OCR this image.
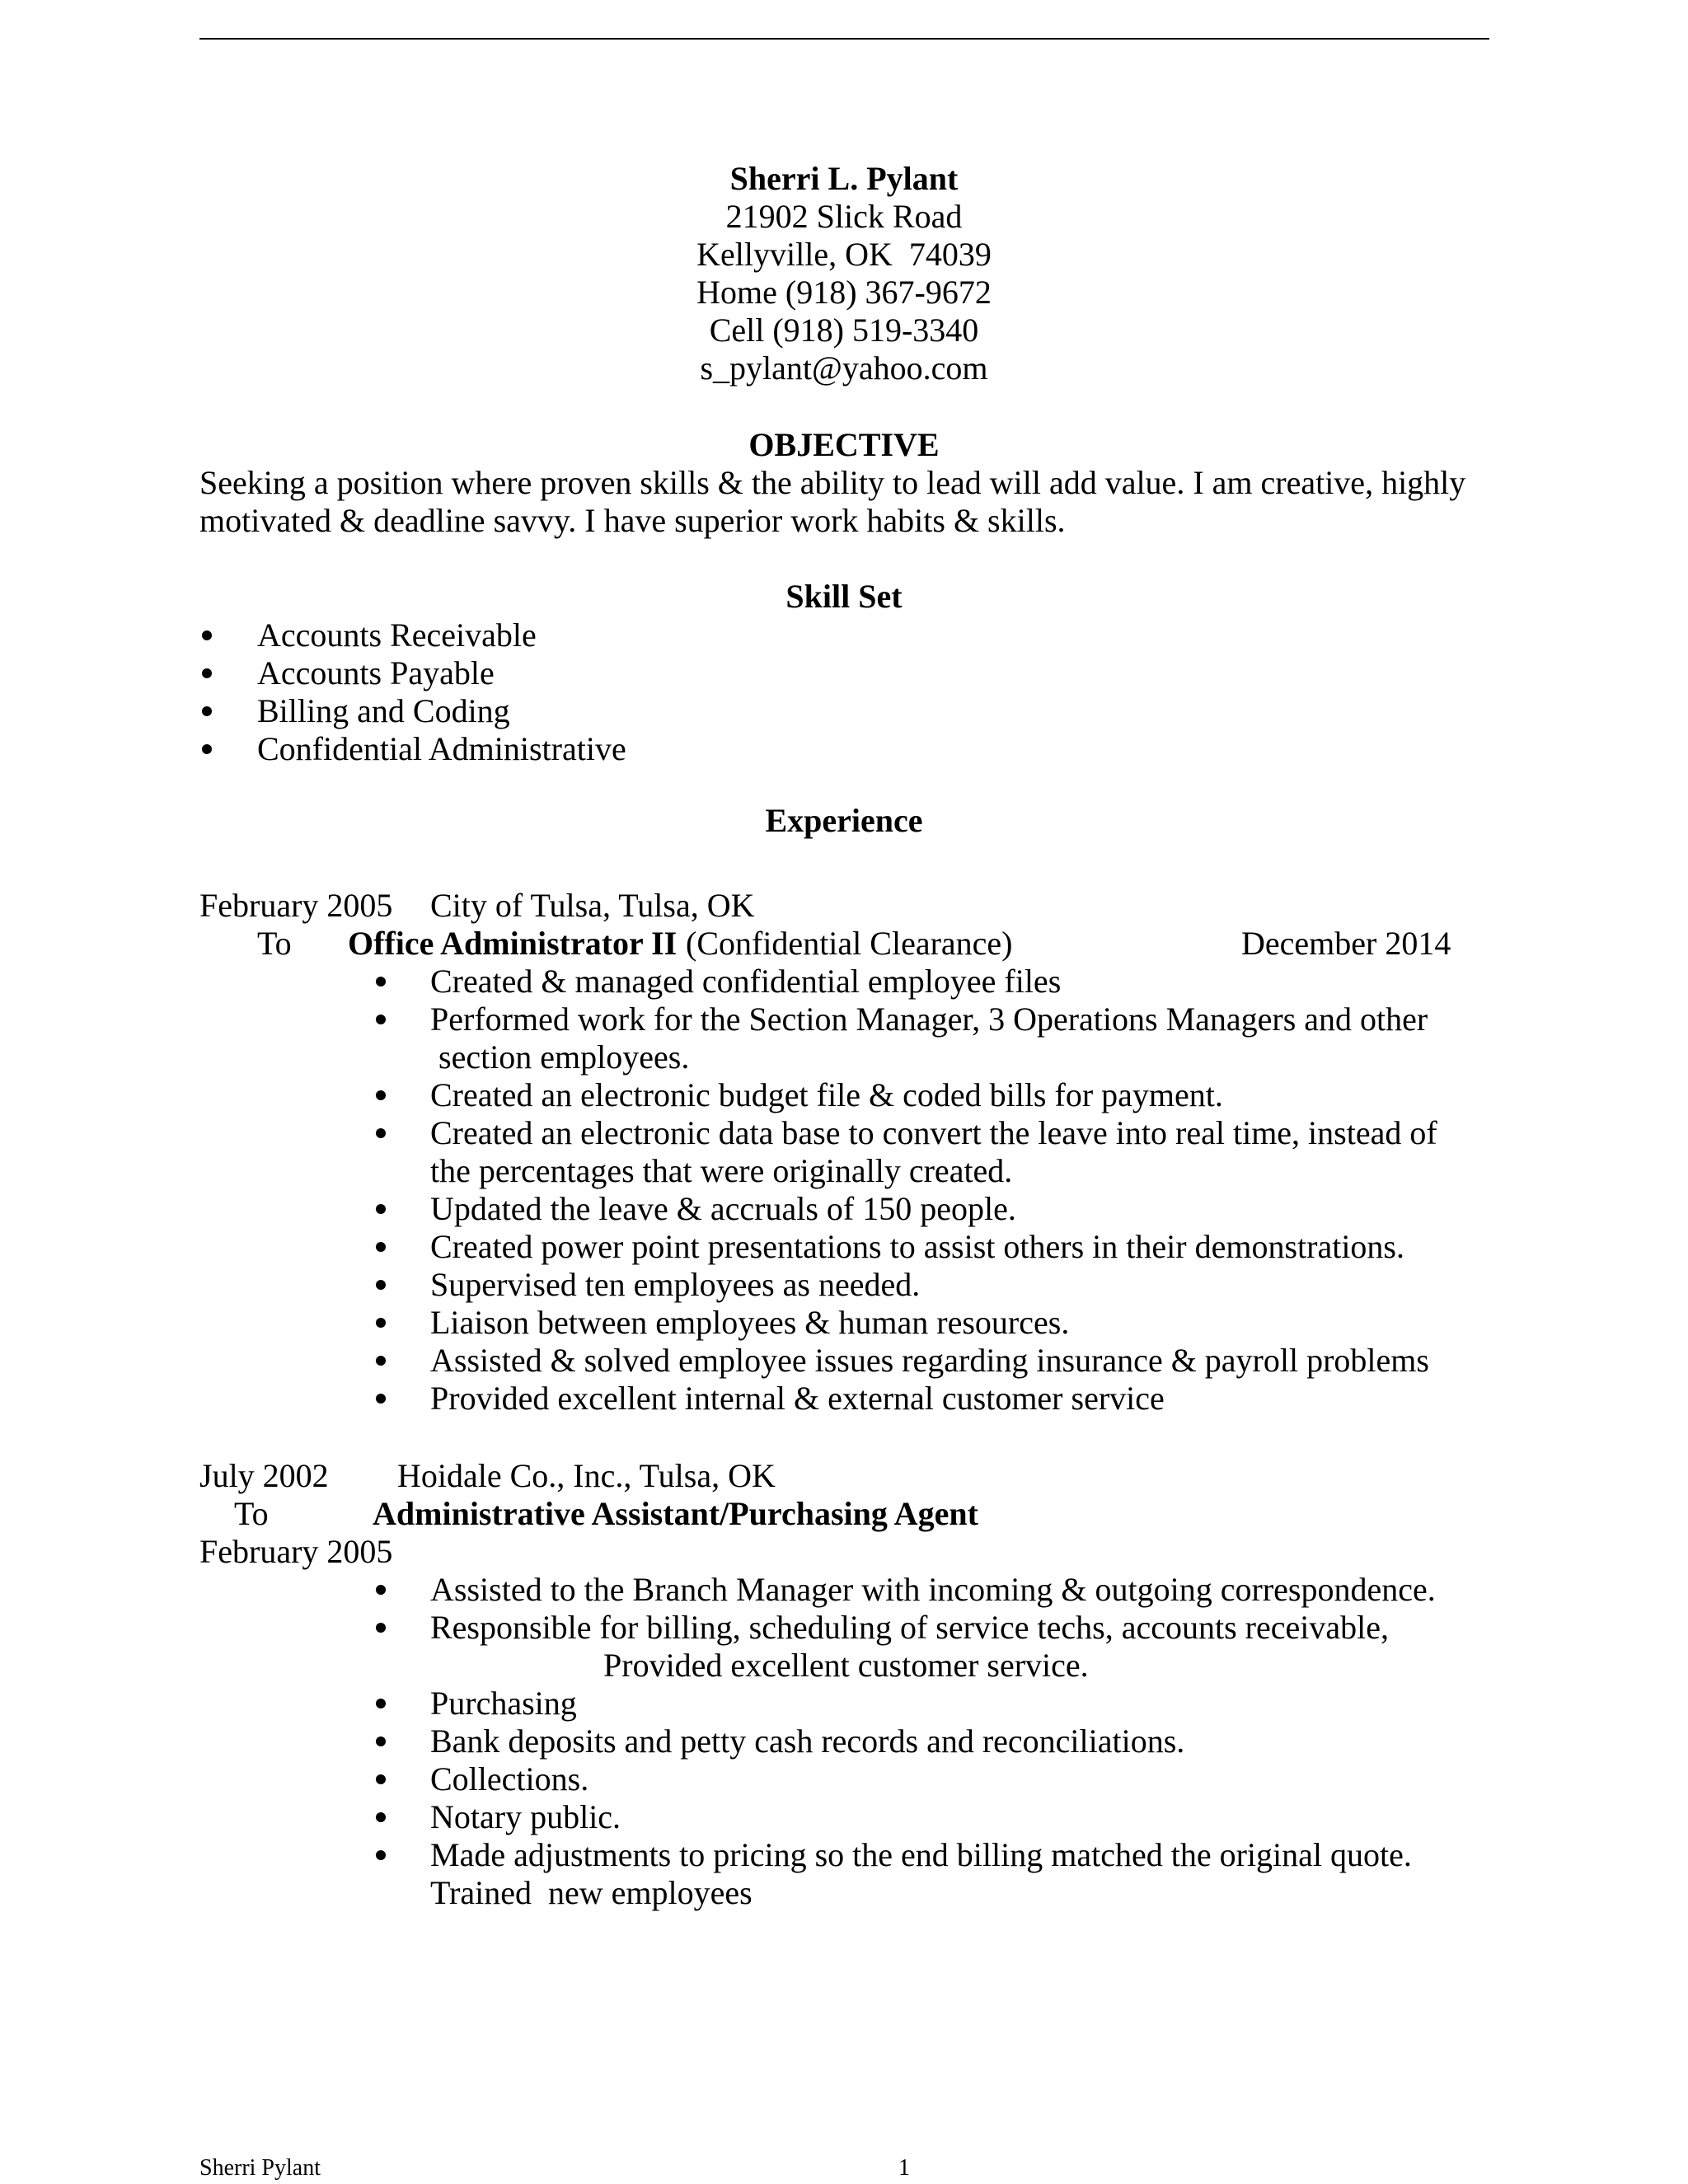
Sherri L. Pylant
21902 Slick Road
Kellyville, OK  74039
Home (918) 367-9672
Cell (918) 519-3340
s_pylant@yahoo.com
OBJECTIVE
Seeking a position where proven skills & the ability to lead will add value. I am creative, highly
motivated & deadline savvy. I have superior work habits & skills.
Skill Set
Accounts Receivable
Accounts Payable
Billing and Coding
Confidential Administrative
Experience
February 2005 City of Tulsa, Tulsa, OK
To Office Administrator II (Confidential Clearance)	December 2014
Created & managed confidential employee files
Performed work for the Section Manager, 3 Operations Managers and other
section employees.
Created an electronic budget file & coded bills for payment.
Created an electronic data base to convert the leave into real time, instead of
the percentages that were originally created.
Updated the leave & accruals of 150 people.
Created power point presentations to assist others in their demonstrations.
Supervised ten employees as needed.
Liaison between employees & human resources.
Assisted & solved employee issues regarding insurance & payroll problems
Provided excellent internal & external customer service
July 2002 Hoidale Co., Inc., Tulsa, OK
To	Administrative Assistant/Purchasing Agent
February 2005
Assisted to the Branch Manager with incoming & outgoing correspondence.
Responsible for billing, scheduling of service techs, accounts receivable,
Provided excellent customer service.
Purchasing
Bank deposits and petty cash records and reconciliations.
Collections.
Notary public.
Made adjustments to pricing so the end billing matched the original quote.
Trained  new employees
Sherri Pylant	1
